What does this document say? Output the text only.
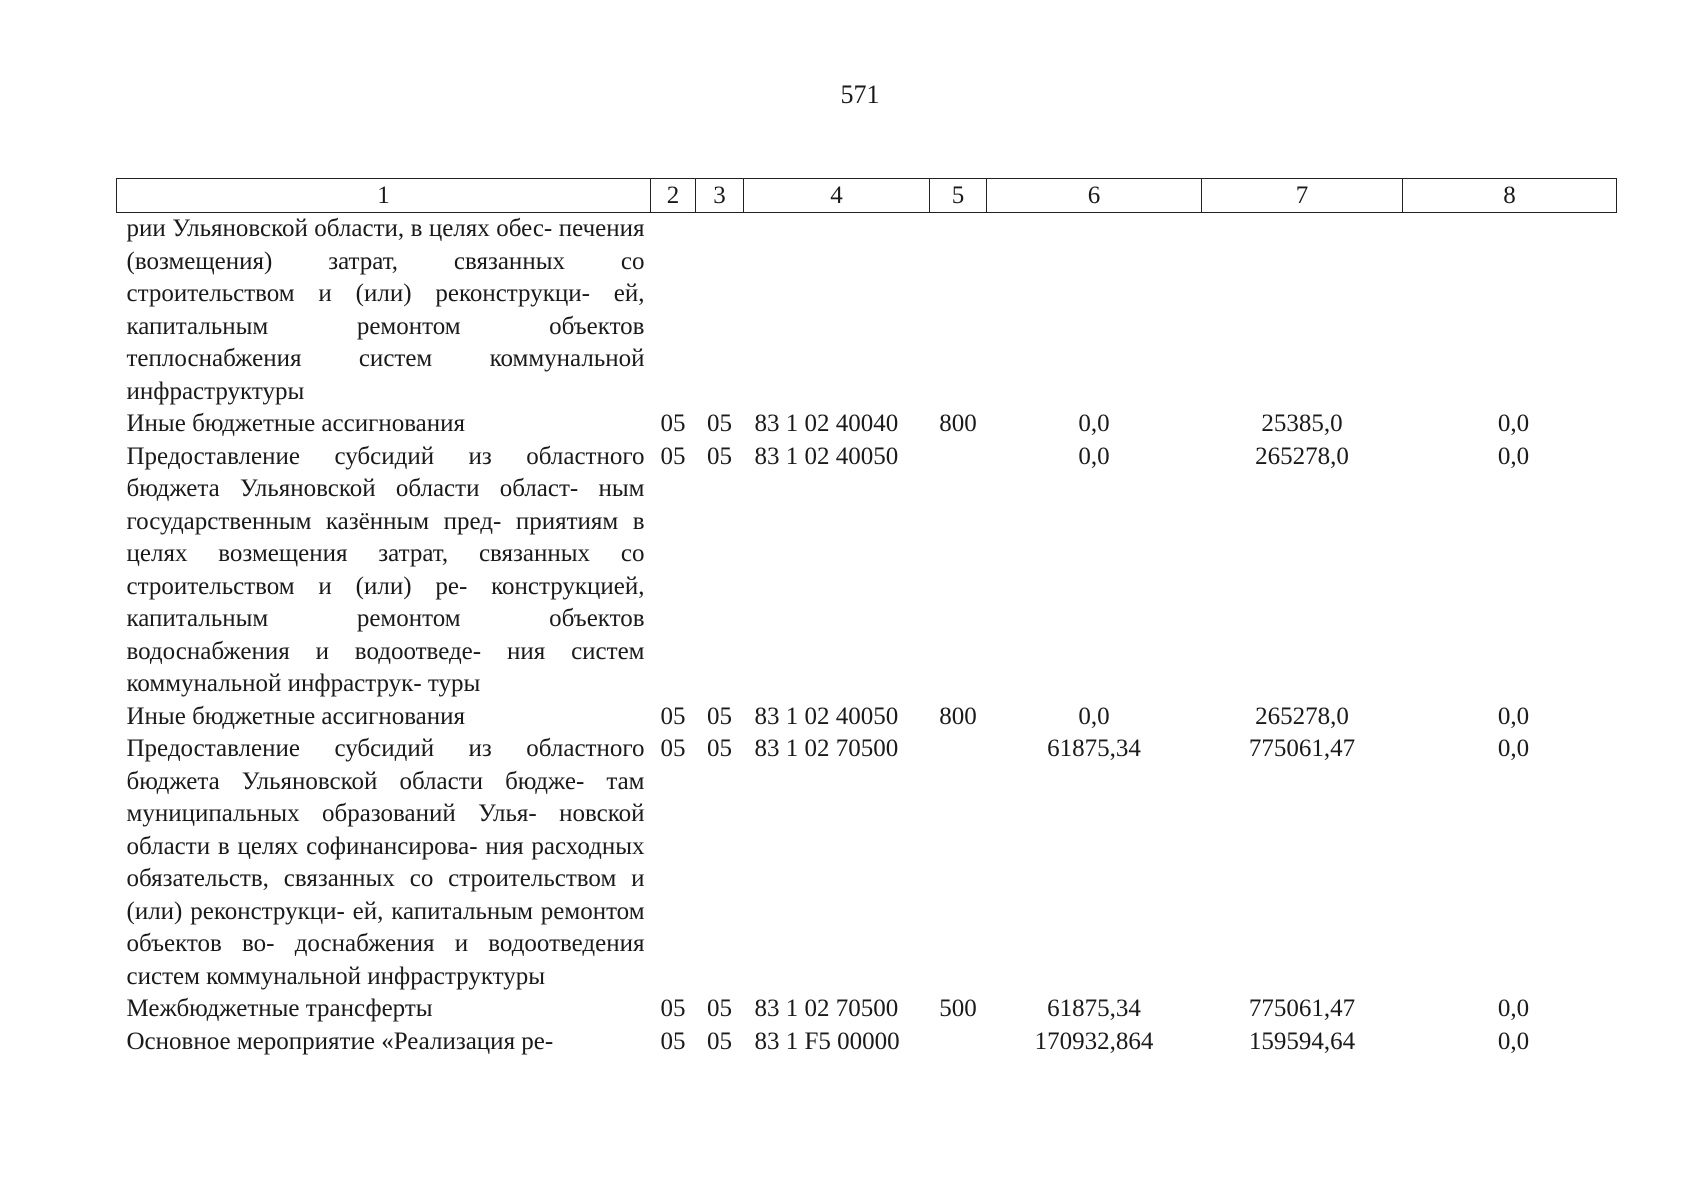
571
1	2	3	4	5	6	7	8
рии Ульяновской области, в целях обес- печения (возмещения) затрат, связанных со строительством и (или) реконструкци- ей, капитальным ремонтом объектов теплоснабжения систем коммунальной инфраструктуры							
Иные бюджетные ассигнования	05	05	83 1 02 40040	800	0,0	25385,0	0,0
Предоставление субсидий из областного бюджета Ульяновской области област- ным государственным казённым пред- приятиям в целях возмещения затрат, связанных со строительством и (или) ре- конструкцией, капитальным ремонтом объектов водоснабжения и водоотведе- ния систем коммунальной инфраструк- туры	05	05	83 1 02 40050		0,0	265278,0	0,0
Иные бюджетные ассигнования	05	05	83 1 02 40050	800	0,0	265278,0	0,0
Предоставление субсидий из областного бюджета Ульяновской области бюдже- там муниципальных образований Улья- новской области в целях софинансирова- ния расходных обязательств, связанных со строительством и (или) реконструкци- ей, капитальным ремонтом объектов во- доснабжения и водоотведения систем коммунальной инфраструктуры	05	05	83 1 02 70500		61875,34	775061,47	0,0
Межбюджетные трансферты	05	05	83 1 02 70500	500	61875,34	775061,47	0,0
Основное мероприятие «Реализация ре-	05	05	83 1 F5 00000		170932,864	159594,64	0,0
